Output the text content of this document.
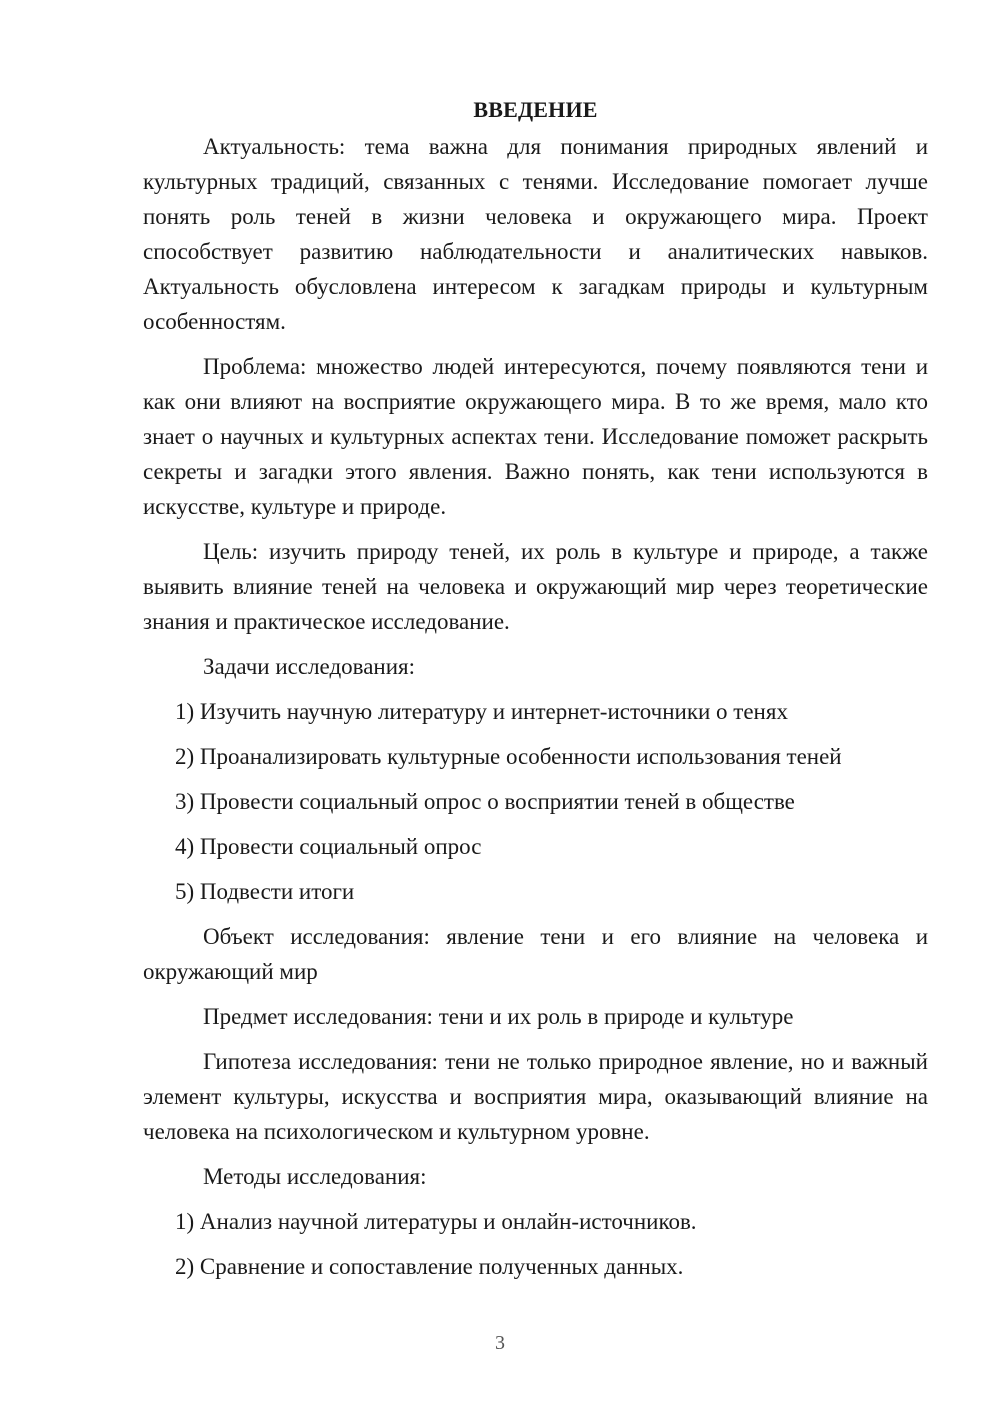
ВВЕДЕНИЕ

Актуальность: тема важна для понимания природных явлений и культурных традиций, связанных с тенями. Исследование помогает лучше понять роль теней в жизни человека и окружающего мира. Проект способствует развитию наблюдательности и аналитических навыков. Актуальность обусловлена интересом к загадкам природы и культурным особенностям.

Проблема: множество людей интересуются, почему появляются тени и как они влияют на восприятие окружающего мира. В то же время, мало кто знает о научных и культурных аспектах тени. Исследование поможет раскрыть секреты и загадки этого явления. Важно понять, как тени используются в искусстве, культуре и природе.

Цель: изучить природу теней, их роль в культуре и природе, а также выявить влияние теней на человека и окружающий мир через теоретические знания и практическое исследование.

Задачи исследования:

1) Изучить научную литературу и интернет-источники о тенях
2) Проанализировать культурные особенности использования теней
3) Провести социальный опрос о восприятии теней в обществе
4) Провести социальный опрос
5) Подвести итоги

Объект исследования: явление тени и его влияние на человека и окружающий мир

Предмет исследования: тени и их роль в природе и культуре

Гипотеза исследования: тени не только природное явление, но и важный элемент культуры, искусства и восприятия мира, оказывающий влияние на человека на психологическом и культурном уровне.

Методы исследования:

1) Анализ научной литературы и онлайн-источников.
2) Сравнение и сопоставление полученных данных.
3
